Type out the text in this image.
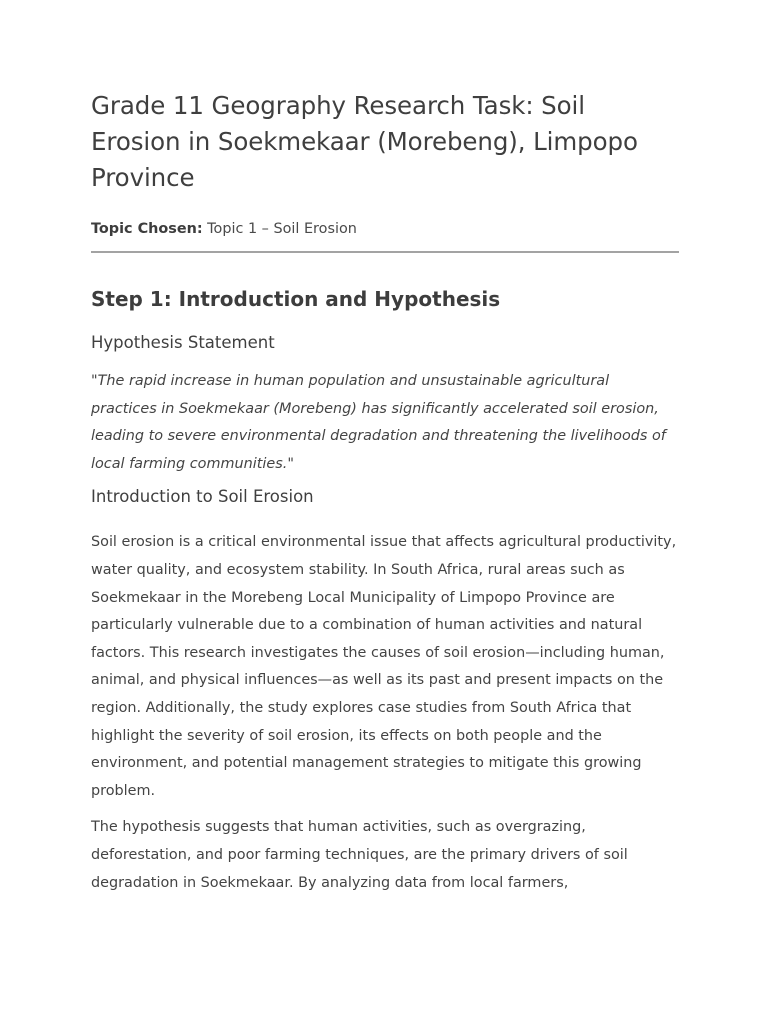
Grade 11 Geography Research Task: Soil Erosion in Soekmekaar (Morebeng), Limpopo Province

Topic Chosen: Topic 1 – Soil Erosion

Step 1: Introduction and Hypothesis
Hypothesis Statement

"The rapid increase in human population and unsustainable agricultural practices in Soekmekaar (Morebeng) has significantly accelerated soil erosion, leading to severe environmental degradation and threatening the livelihoods of local farming communities."

Introduction to Soil Erosion

Soil erosion is a critical environmental issue that affects agricultural productivity, water quality, and ecosystem stability. In South Africa, rural areas such as Soekmekaar in the Morebeng Local Municipality of Limpopo Province are particularly vulnerable due to a combination of human activities and natural factors. This research investigates the causes of soil erosion—including human, animal, and physical influences—as well as its past and present impacts on the region. Additionally, the study explores case studies from South Africa that highlight the severity of soil erosion, its effects on both people and the environment, and potential management strategies to mitigate this growing problem.

The hypothesis suggests that human activities, such as overgrazing, deforestation, and poor farming techniques, are the primary drivers of soil degradation in Soekmekaar. By analyzing data from local farmers,
